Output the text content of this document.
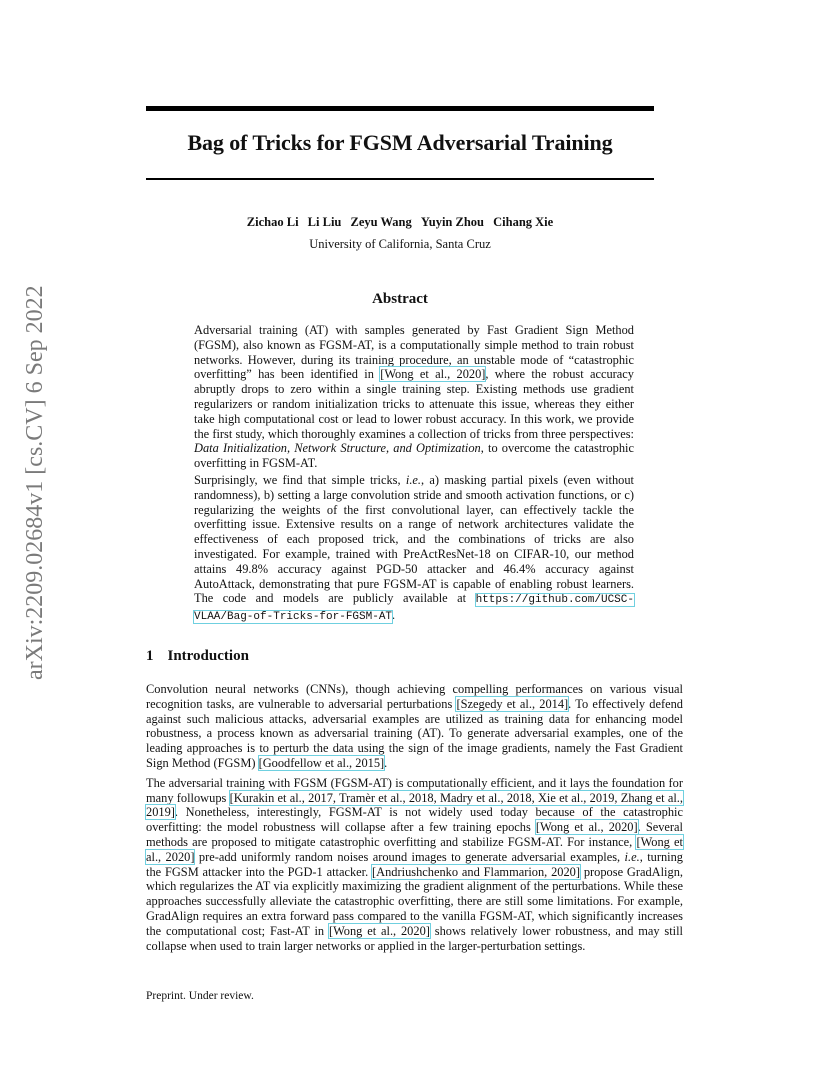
arXiv:2209.02684v1 [cs.CV] 6 Sep 2022
Bag of Tricks for FGSM Adversarial Training
Zichao Li Li Liu Zeyu Wang Yuyin Zhou Cihang Xie
University of California, Santa Cruz
Abstract

Adversarial training (AT) with samples generated by Fast Gradient Sign Method (FGSM), also known as FGSM-AT, is a computationally simple method to train robust networks. However, during its training procedure, an unstable mode of “catastrophic overfitting” has been identified in [Wong et al., 2020], where the robust accuracy abruptly drops to zero within a single training step. Existing methods use gradient regularizers or random initialization tricks to attenuate this issue, whereas they either take high computational cost or lead to lower robust accuracy. In this work, we provide the first study, which thoroughly examines a collection of tricks from three perspectives: Data Initialization, Network Structure, and Optimization, to overcome the catastrophic overfitting in FGSM-AT.

Surprisingly, we find that simple tricks, i.e., a) masking partial pixels (even without randomness), b) setting a large convolution stride and smooth activation functions, or c) regularizing the weights of the first convolutional layer, can effectively tackle the overfitting issue. Extensive results on a range of network architectures validate the effectiveness of each proposed trick, and the combinations of tricks are also investigated. For example, trained with PreActResNet-18 on CIFAR-10, our method attains 49.8% accuracy against PGD-50 attacker and 46.4% accuracy against AutoAttack, demonstrating that pure FGSM-AT is capable of enabling robust learners. The code and models are publicly available at https://github.com/UCSC-VLAA/Bag-of-Tricks-for-FGSM-AT.

1 Introduction

Convolution neural networks (CNNs), though achieving compelling performances on various visual recognition tasks, are vulnerable to adversarial perturbations [Szegedy et al., 2014]. To effectively defend against such malicious attacks, adversarial examples are utilized as training data for enhancing model robustness, a process known as adversarial training (AT). To generate adversarial examples, one of the leading approaches is to perturb the data using the sign of the image gradients, namely the Fast Gradient Sign Method (FGSM) [Goodfellow et al., 2015].

The adversarial training with FGSM (FGSM-AT) is computationally efficient, and it lays the foundation for many followups [Kurakin et al., 2017, Tramèr et al., 2018, Madry et al., 2018, Xie et al., 2019, Zhang et al., 2019]. Nonetheless, interestingly, FGSM-AT is not widely used today because of the catastrophic overfitting: the model robustness will collapse after a few training epochs [Wong et al., 2020]. Several methods are proposed to mitigate catastrophic overfitting and stabilize FGSM-AT. For instance, [Wong et al., 2020] pre-add uniformly random noises around images to generate adversarial examples, i.e., turning the FGSM attacker into the PGD-1 attacker. [Andriushchenko and Flammarion, 2020] propose GradAlign, which regularizes the AT via explicitly maximizing the gradient alignment of the perturbations. While these approaches successfully alleviate the catastrophic overfitting, there are still some limitations. For example, GradAlign requires an extra forward pass compared to the vanilla FGSM-AT, which significantly increases the computational cost; Fast-AT in [Wong et al., 2020] shows relatively lower robustness, and may still collapse when used to train larger networks or applied in the larger-perturbation settings.

Preprint. Under review.
